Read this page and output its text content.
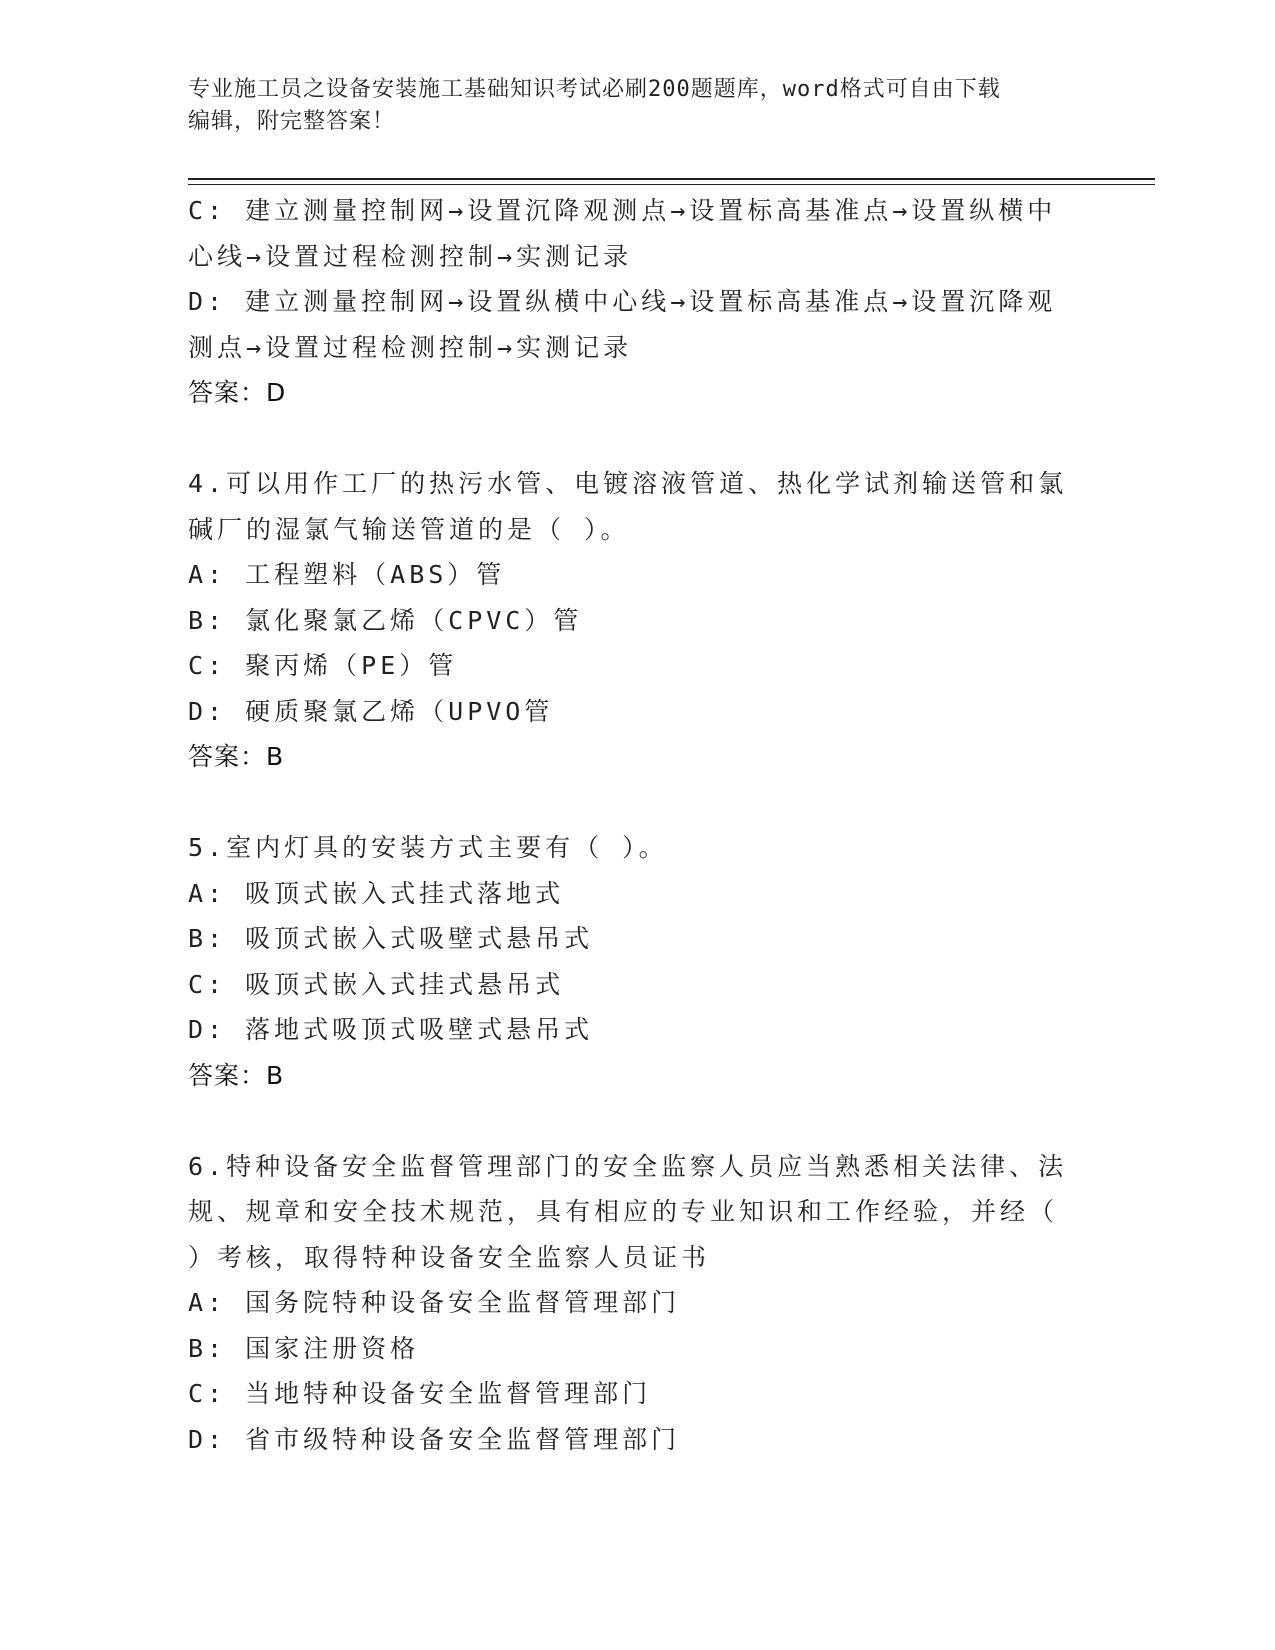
专业施工员之设备安装施工基础知识考试必刷200题题库，word格式可自由下载
编辑，附完整答案！
C: 建立测量控制网→设置沉降观测点→设置标高基准点→设置纵横中
心线→设置过程检测控制→实测记录
D: 建立测量控制网→设置纵横中心线→设置标高基准点→设置沉降观
测点→设置过程检测控制→实测记录
答案：D
4.可以用作工厂的热污水管、电镀溶液管道、热化学试剂输送管和氯
碱厂的湿氯气输送管道的是（ ）。
A: 工程塑料（ABS）管
B: 氯化聚氯乙烯（CPVC）管
C: 聚丙烯（PE）管
D: 硬质聚氯乙烯（UPVO管
答案：B
5.室内灯具的安装方式主要有（ ）。
A: 吸顶式嵌入式挂式落地式
B: 吸顶式嵌入式吸壁式悬吊式
C: 吸顶式嵌入式挂式悬吊式
D: 落地式吸顶式吸壁式悬吊式
答案：B
6.特种设备安全监督管理部门的安全监察人员应当熟悉相关法律、法
规、规章和安全技术规范，具有相应的专业知识和工作经验，并经（
）考核，取得特种设备安全监察人员证书
A: 国务院特种设备安全监督管理部门
B: 国家注册资格
C: 当地特种设备安全监督管理部门
D: 省市级特种设备安全监督管理部门
